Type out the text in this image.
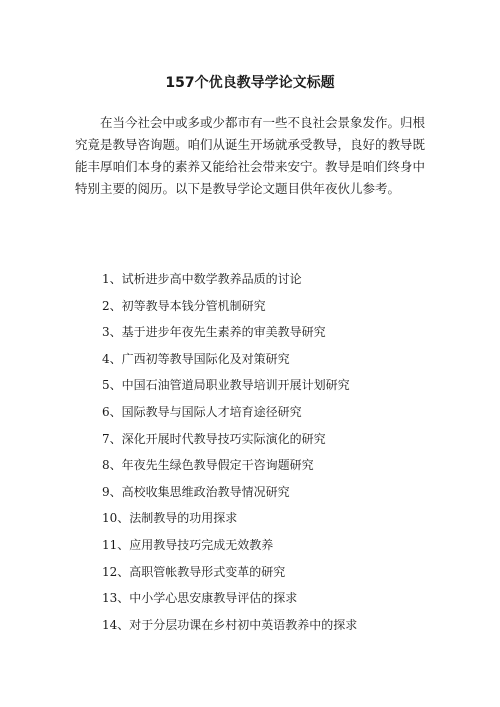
157个优良教导学论文标题

在当今社会中或多或少都市有一些不良社会景象发作。归根究竟是教导咨询题。咱们从诞生开场就承受教导，良好的教导既能丰厚咱们本身的素养又能给社会带来安宁。教导是咱们终身中特别主要的阅历。以下是教导学论文题目供年夜伙儿参考。

1、试析进步高中数学教养品质的讨论
2、初等教导本钱分管机制研究
3、基于进步年夜先生素养的审美教导研究
4、广西初等教导国际化及对策研究
5、中国石油管道局职业教导培训开展计划研究
6、国际教导与国际人才培育途径研究
7、深化开展时代教导技巧实际演化的研究
8、年夜先生绿色教导假定干咨询题研究
9、高校收集思维政治教导情况研究
10、法制教导的功用探求
11、应用教导技巧完成无效教养
12、高职管帐教导形式变革的研究
13、中小学心思安康教导评估的探求
14、对于分层功课在乡村初中英语教养中的探求
